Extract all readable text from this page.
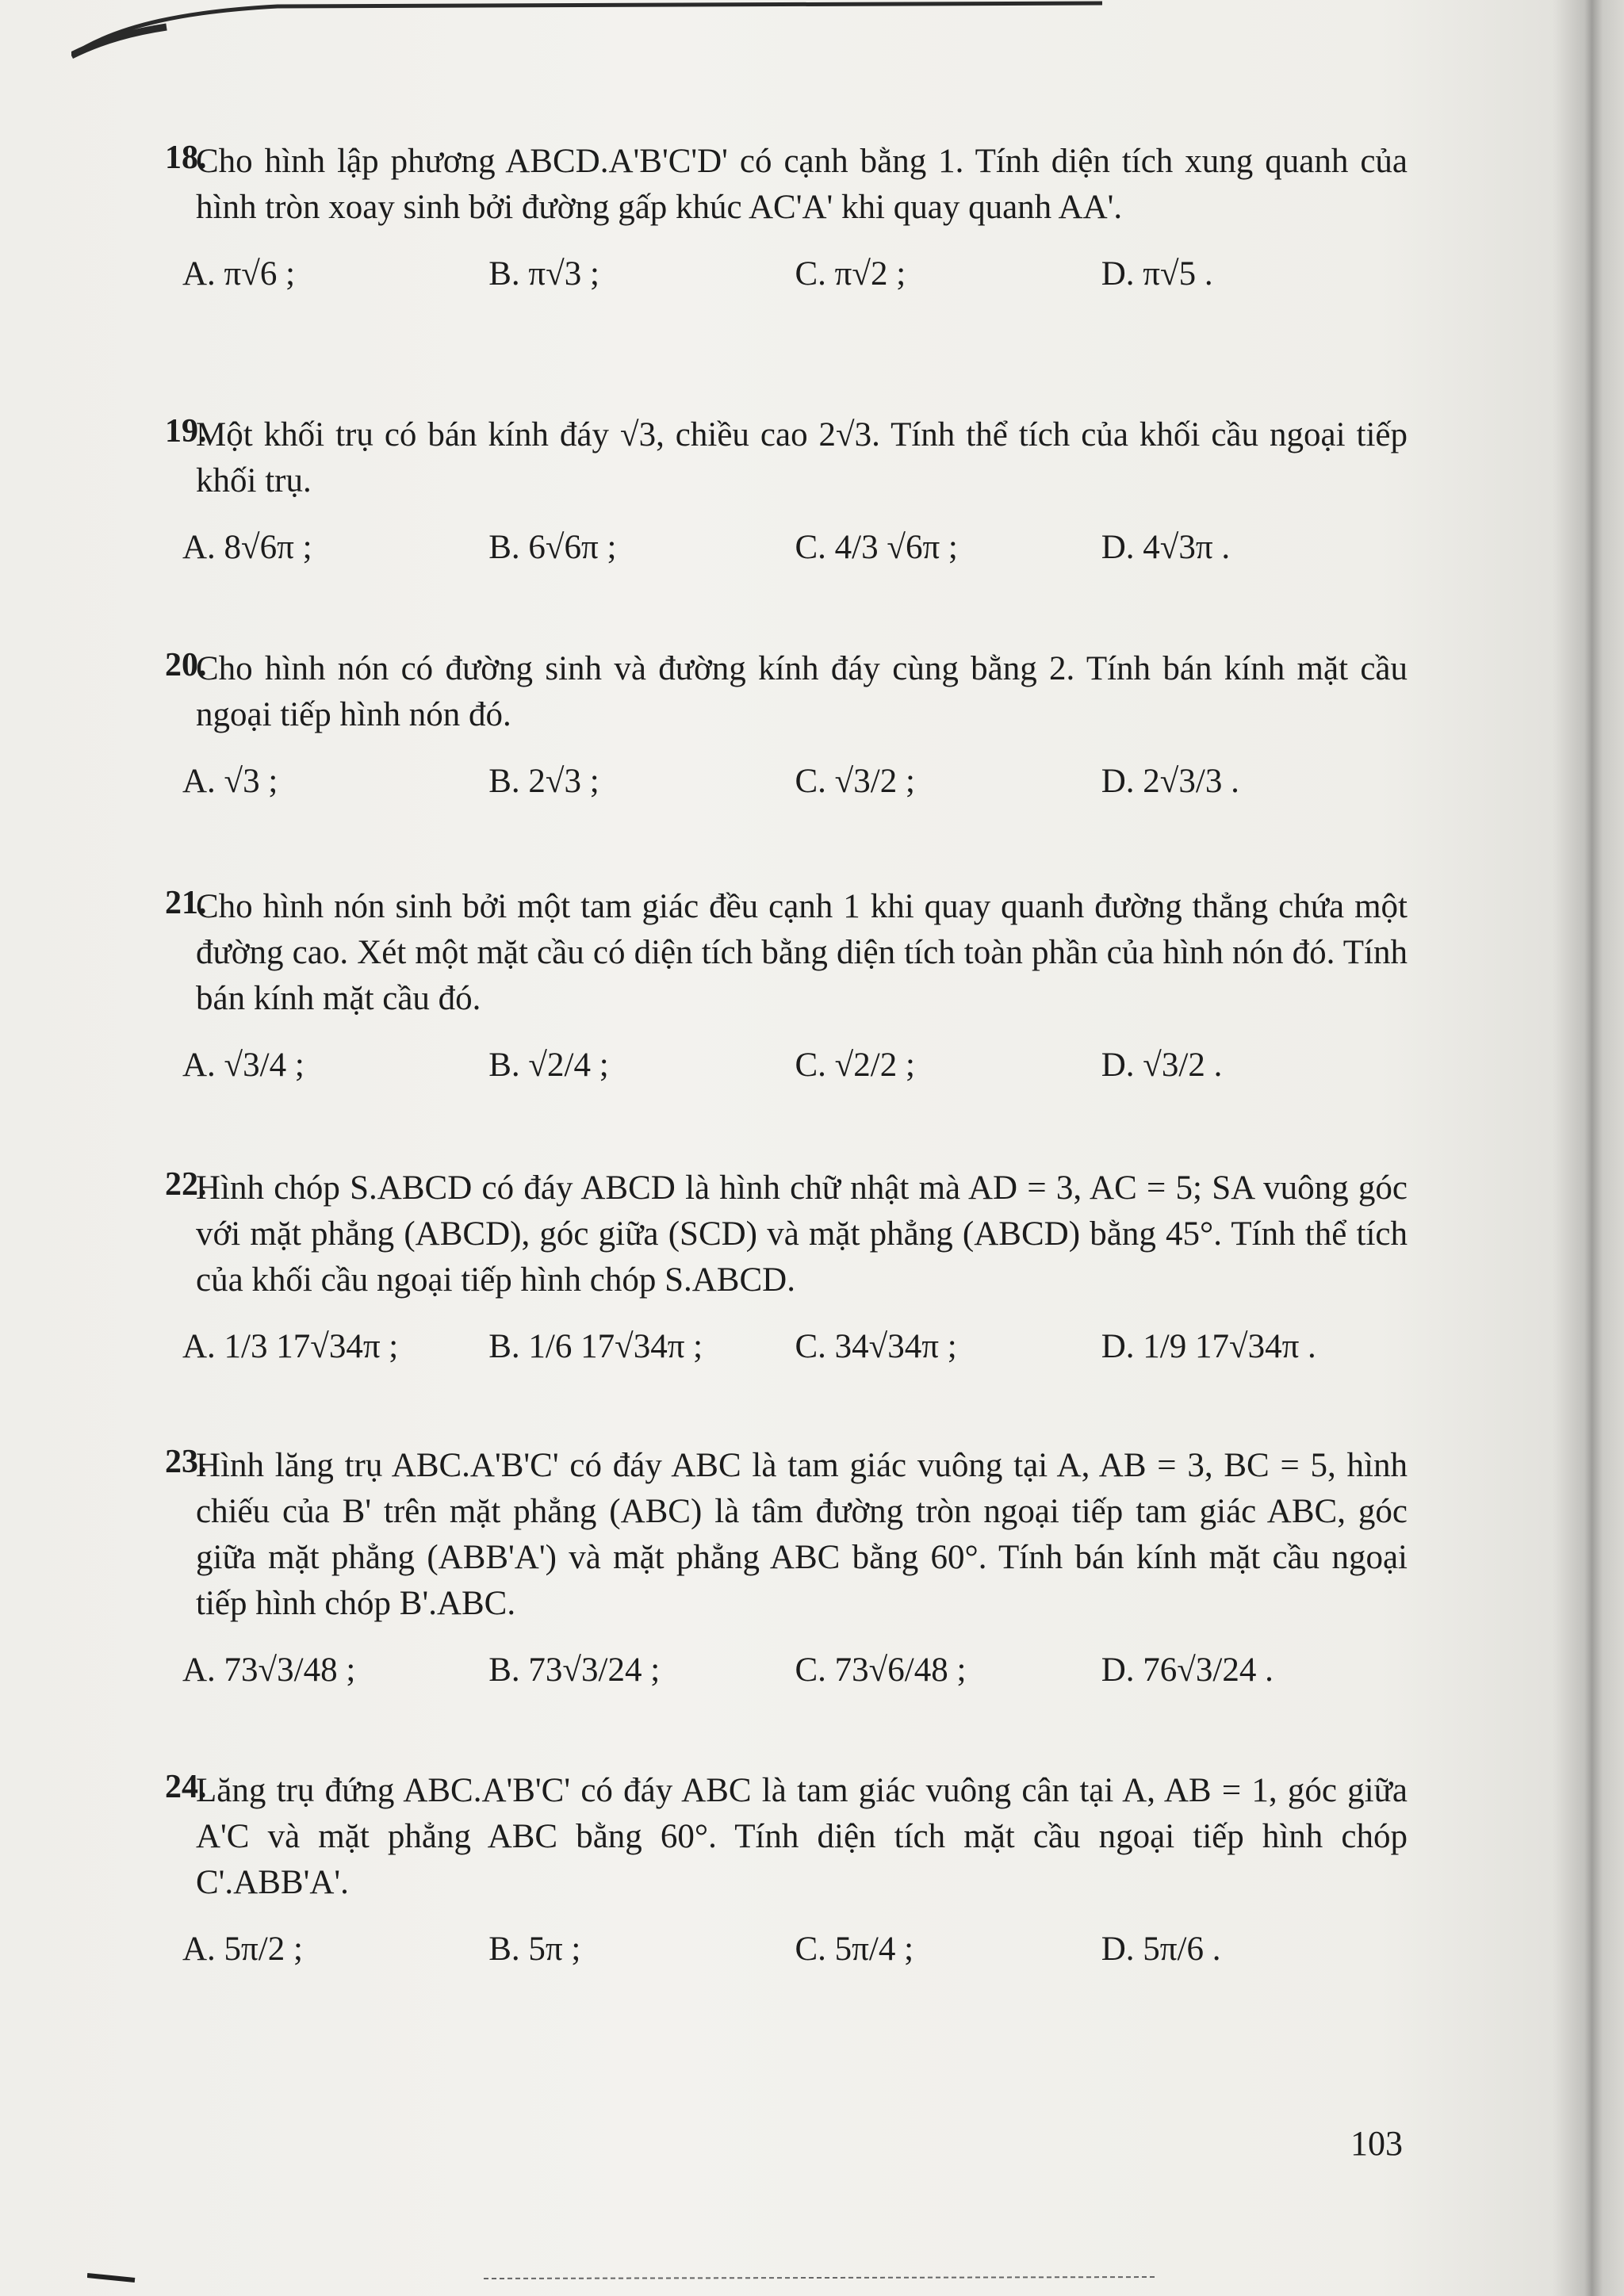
18.
Cho hình lập phương ABCD.A'B'C'D' có cạnh bằng 1. Tính diện tích xung quanh của hình tròn xoay sinh bởi đường gấp khúc AC'A' khi quay quanh AA'.
A. π√6 ;	B. π√3 ;	C. π√2 ;	D. π√5 .
19.
Một khối trụ có bán kính đáy √3, chiều cao 2√3. Tính thể tích của khối cầu ngoại tiếp khối trụ.
A. 8√6π ;	B. 6√6π ;	C. 4/3 √6π ;	D. 4√3π .
20.
Cho hình nón có đường sinh và đường kính đáy cùng bằng 2. Tính bán kính mặt cầu ngoại tiếp hình nón đó.
A. √3 ;	B. 2√3 ;	C. √3/2 ;	D. 2√3/3 .
21.
Cho hình nón sinh bởi một tam giác đều cạnh 1 khi quay quanh đường thẳng chứa một đường cao. Xét một mặt cầu có diện tích bằng diện tích toàn phần của hình nón đó. Tính bán kính mặt cầu đó.
A. √3/4 ;	B. √2/4 ;	C. √2/2 ;	D. √3/2 .
22.
Hình chóp S.ABCD có đáy ABCD là hình chữ nhật mà AD = 3, AC = 5; SA vuông góc với mặt phẳng (ABCD), góc giữa (SCD) và mặt phẳng (ABCD) bằng 45°. Tính thể tích của khối cầu ngoại tiếp hình chóp S.ABCD.
A. 1/3 17√34π ;	B. 1/6 17√34π ;	C. 34√34π ;	D. 1/9 17√34π .
23.
Hình lăng trụ ABC.A'B'C' có đáy ABC là tam giác vuông tại A, AB = 3, BC = 5, hình chiếu của B' trên mặt phẳng (ABC) là tâm đường tròn ngoại tiếp tam giác ABC, góc giữa mặt phẳng (ABB'A') và mặt phẳng ABC bằng 60°. Tính bán kính mặt cầu ngoại tiếp hình chóp B'.ABC.
A. 73√3/48 ;	B. 73√3/24 ;	C. 73√6/48 ;	D. 76√3/24 .
24.
Lăng trụ đứng ABC.A'B'C' có đáy ABC là tam giác vuông cân tại A, AB = 1, góc giữa A'C và mặt phẳng ABC bằng 60°. Tính diện tích mặt cầu ngoại tiếp hình chóp C'.ABB'A'.
A. 5π/2 ;	B. 5π ;	C. 5π/4 ;	D. 5π/6 .
103
